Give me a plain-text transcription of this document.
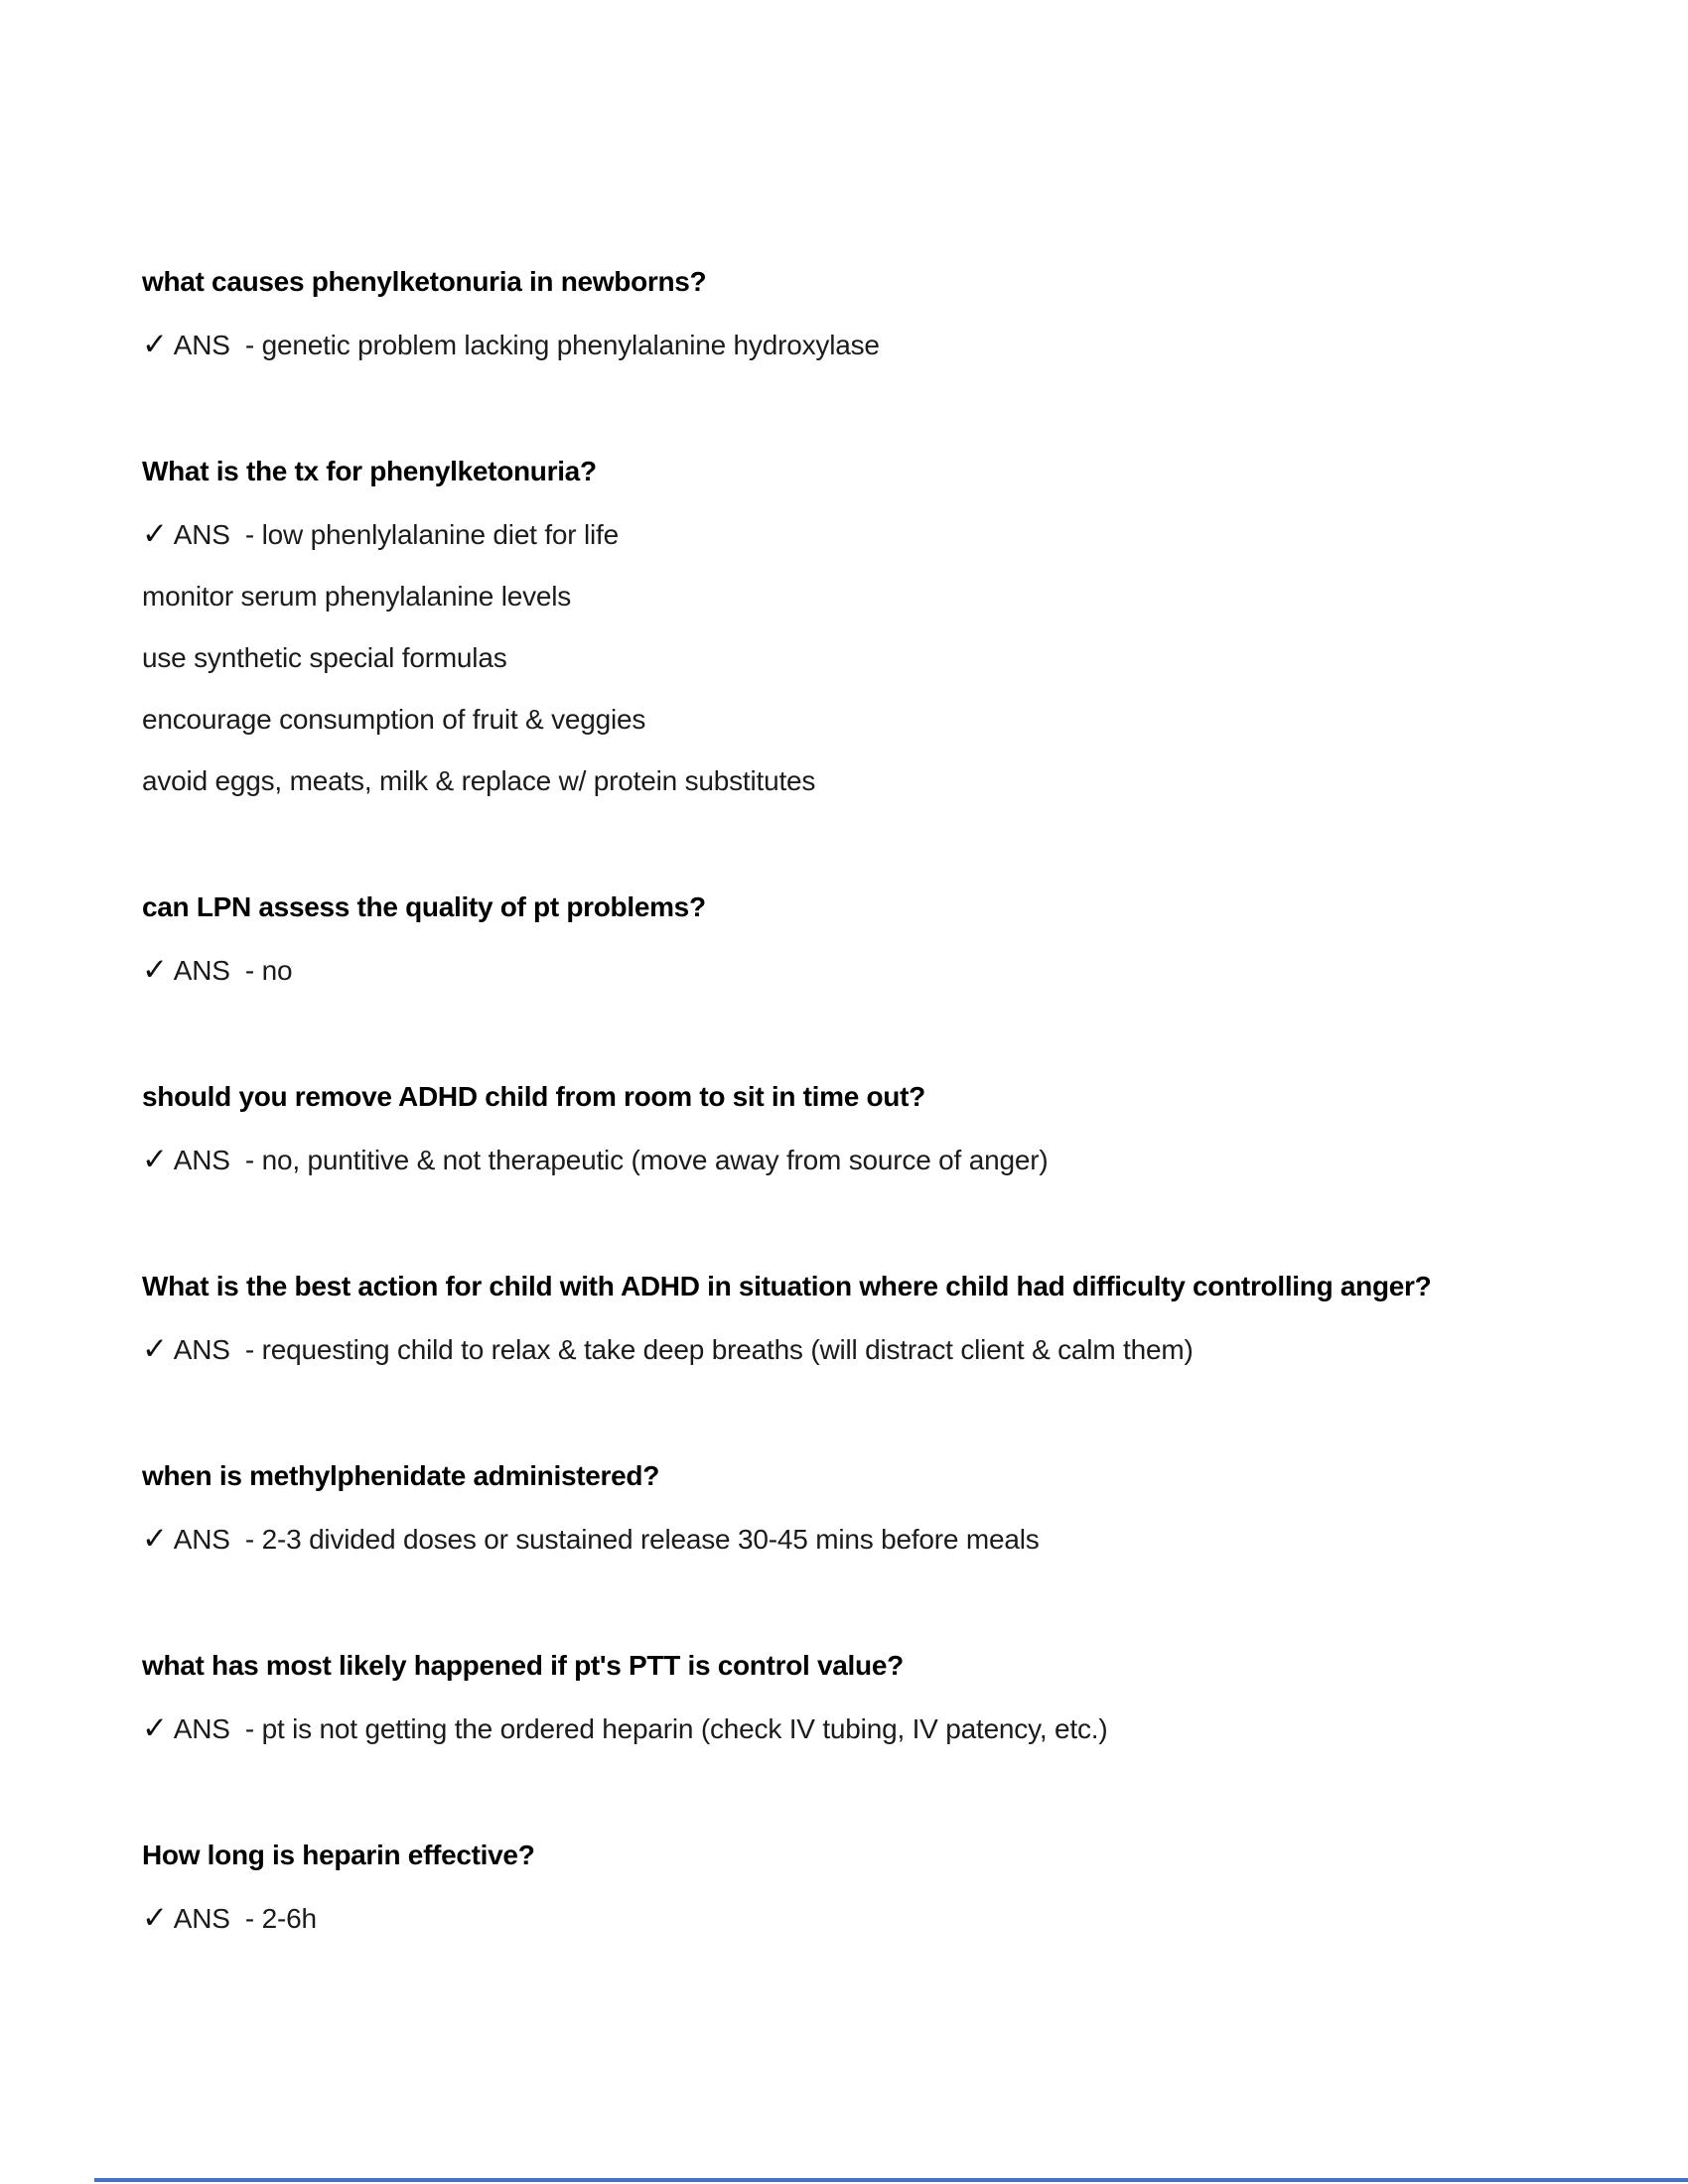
what causes phenylketonuria in newborns?

✓ ANS  - genetic problem lacking phenylalanine hydroxylase

What is the tx for phenylketonuria?

✓ ANS  - low phenlylalanine diet for life

monitor serum phenylalanine levels

use synthetic special formulas

encourage consumption of fruit & veggies

avoid eggs, meats, milk & replace w/ protein substitutes

can LPN assess the quality of pt problems?

✓ ANS  - no

should you remove ADHD child from room to sit in time out?

✓ ANS  - no, puntitive & not therapeutic (move away from source of anger)

What is the best action for child with ADHD in situation where child had difficulty controlling anger?

✓ ANS  - requesting child to relax & take deep breaths (will distract client & calm them)

when is methylphenidate administered?

✓ ANS  - 2-3 divided doses or sustained release 30-45 mins before meals

what has most likely happened if pt's PTT is control value?

✓ ANS  - pt is not getting the ordered heparin (check IV tubing, IV patency, etc.)

How long is heparin effective?

✓ ANS  - 2-6h
